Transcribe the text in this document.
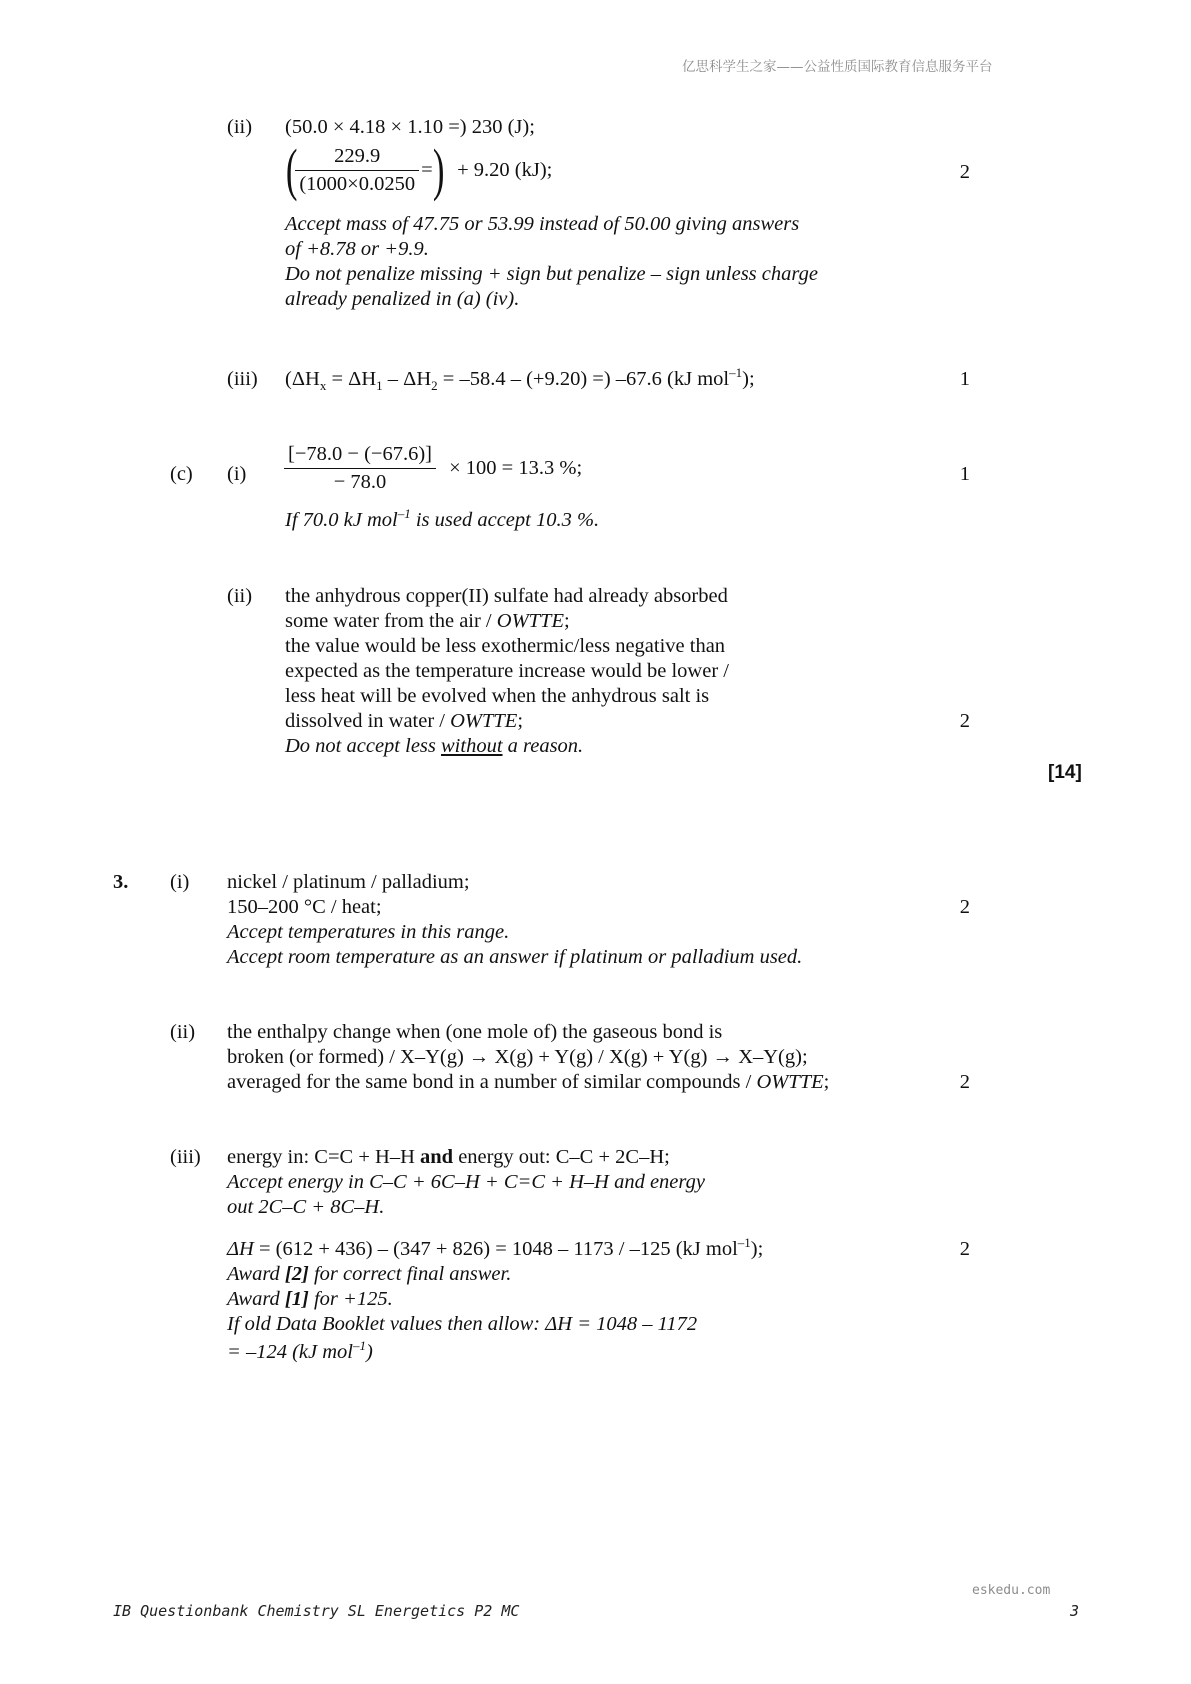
亿思科学生之家——公益性质国际教育信息服务平台
(ii) (50.0 × 4.18 × 1.10 =) 230 (J);
(
$\frac{229.9}{(1000\times 0.0250}$ =) + 9.20 (kJ);	2
Accept mass of 47.75 or 53.99 instead of 50.00 giving answers
of +8.78 or +9.9.
Do not penalize missing + sign but penalize – sign unless charge
already penalized in (a) (iv).
(iii) ($\Delta H_x = \Delta H_1 - \Delta H_2 = -58.4 - (+9.20)$ =) –67.6 (kJ mol$^{-1}$);	1
(c) $(i) \frac{[-78.0 - (-67.6)]}{- 78.0} \times 100 = 13.3$ %;	1
If 70.0 kJ mol$^{-1}$ is used accept 10.3 %.
(ii) the anhydrous copper(II) sulfate had already absorbed
some water from the air / OWTTE;
the value would be less exothermic/less negative than
expected as the temperature increase would be lower /
less heat will be evolved when the anhydrous salt is
dissolved in water / OWTTE;	2
Do not accept less without a reason.
[14]
3. (i) nickel / platinum / palladium;
150–200 °C / heat;	2
Accept temperatures in this range.
Accept room temperature as an answer if platinum or palladium used.
(ii) the enthalpy change when (one mole of) the gaseous bond is
broken (or formed) / X–Y(g) → X(g) + Y(g) / X(g) + Y(g) → X–Y(g);
averaged for the same bond in a number of similar compounds / OWTTE;	2
(iii) energy in: C=C + H–H and energy out: C–C + 2C–H;
Accept energy in C–C + 6C–H + C=C + H–H and energy
out 2C–C + 8C–H.
ΔH = (612 + 436) – (347 + 826) = 1048 – 1173 / –125 (kJ mol$^{-1}$);	2
Award [2] for correct final answer.
Award [1] for +125.
If old Data Booklet values then allow: ΔH = 1048 – 1172
= –124 (kJ mol$^{-1}$)
eskedu.com
IB Questionbank Chemistry SL Energetics P2 MC	3
